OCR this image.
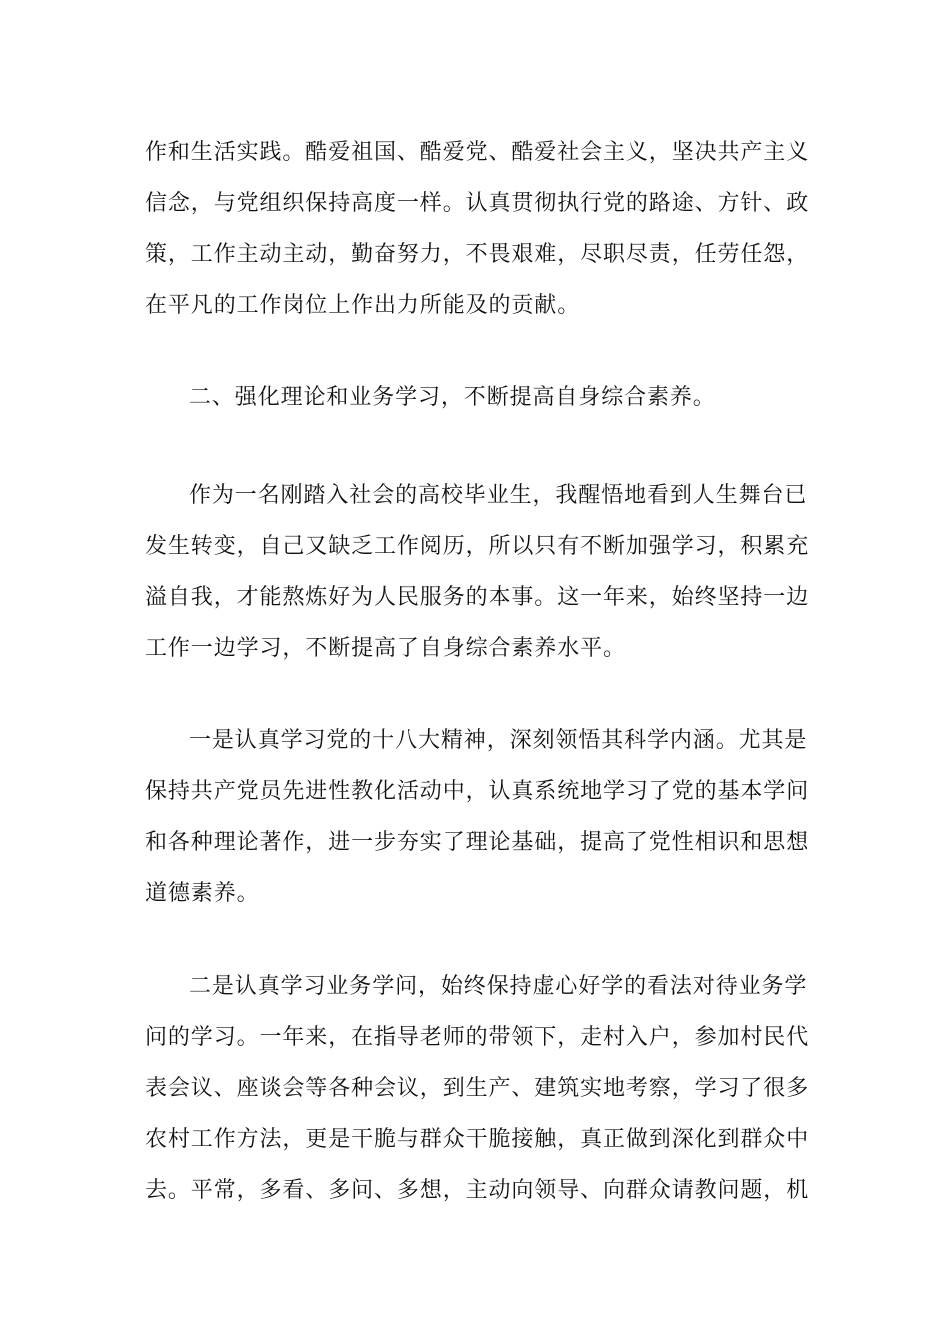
作和生活实践。酷爱祖国、酷爱党、酷爱社会主义，坚决共产主义
信念，与党组织保持高度一样。认真贯彻执行党的路途、方针、政
策，工作主动主动，勤奋努力，不畏艰难，尽职尽责，任劳任怨，
在平凡的工作岗位上作出力所能及的贡献。
二、强化理论和业务学习，不断提高自身综合素养。
作为一名刚踏入社会的高校毕业生，我醒悟地看到人生舞台已
发生转变，自己又缺乏工作阅历，所以只有不断加强学习，积累充
溢自我，才能熬炼好为人民服务的本事。这一年来，始终坚持一边
工作一边学习，不断提高了自身综合素养水平。
一是认真学习党的十八大精神，深刻领悟其科学内涵。尤其是
保持共产党员先进性教化活动中，认真系统地学习了党的基本学问
和各种理论著作，进一步夯实了理论基础，提高了党性相识和思想
道德素养。
二是认真学习业务学问，始终保持虚心好学的看法对待业务学
问的学习。一年来，在指导老师的带领下，走村入户，参加村民代
表会议、座谈会等各种会议，到生产、建筑实地考察，学习了很多
农村工作方法，更是干脆与群众干脆接触，真正做到深化到群众中
去。平常，多看、多问、多想，主动向领导、向群众请教问题，机
